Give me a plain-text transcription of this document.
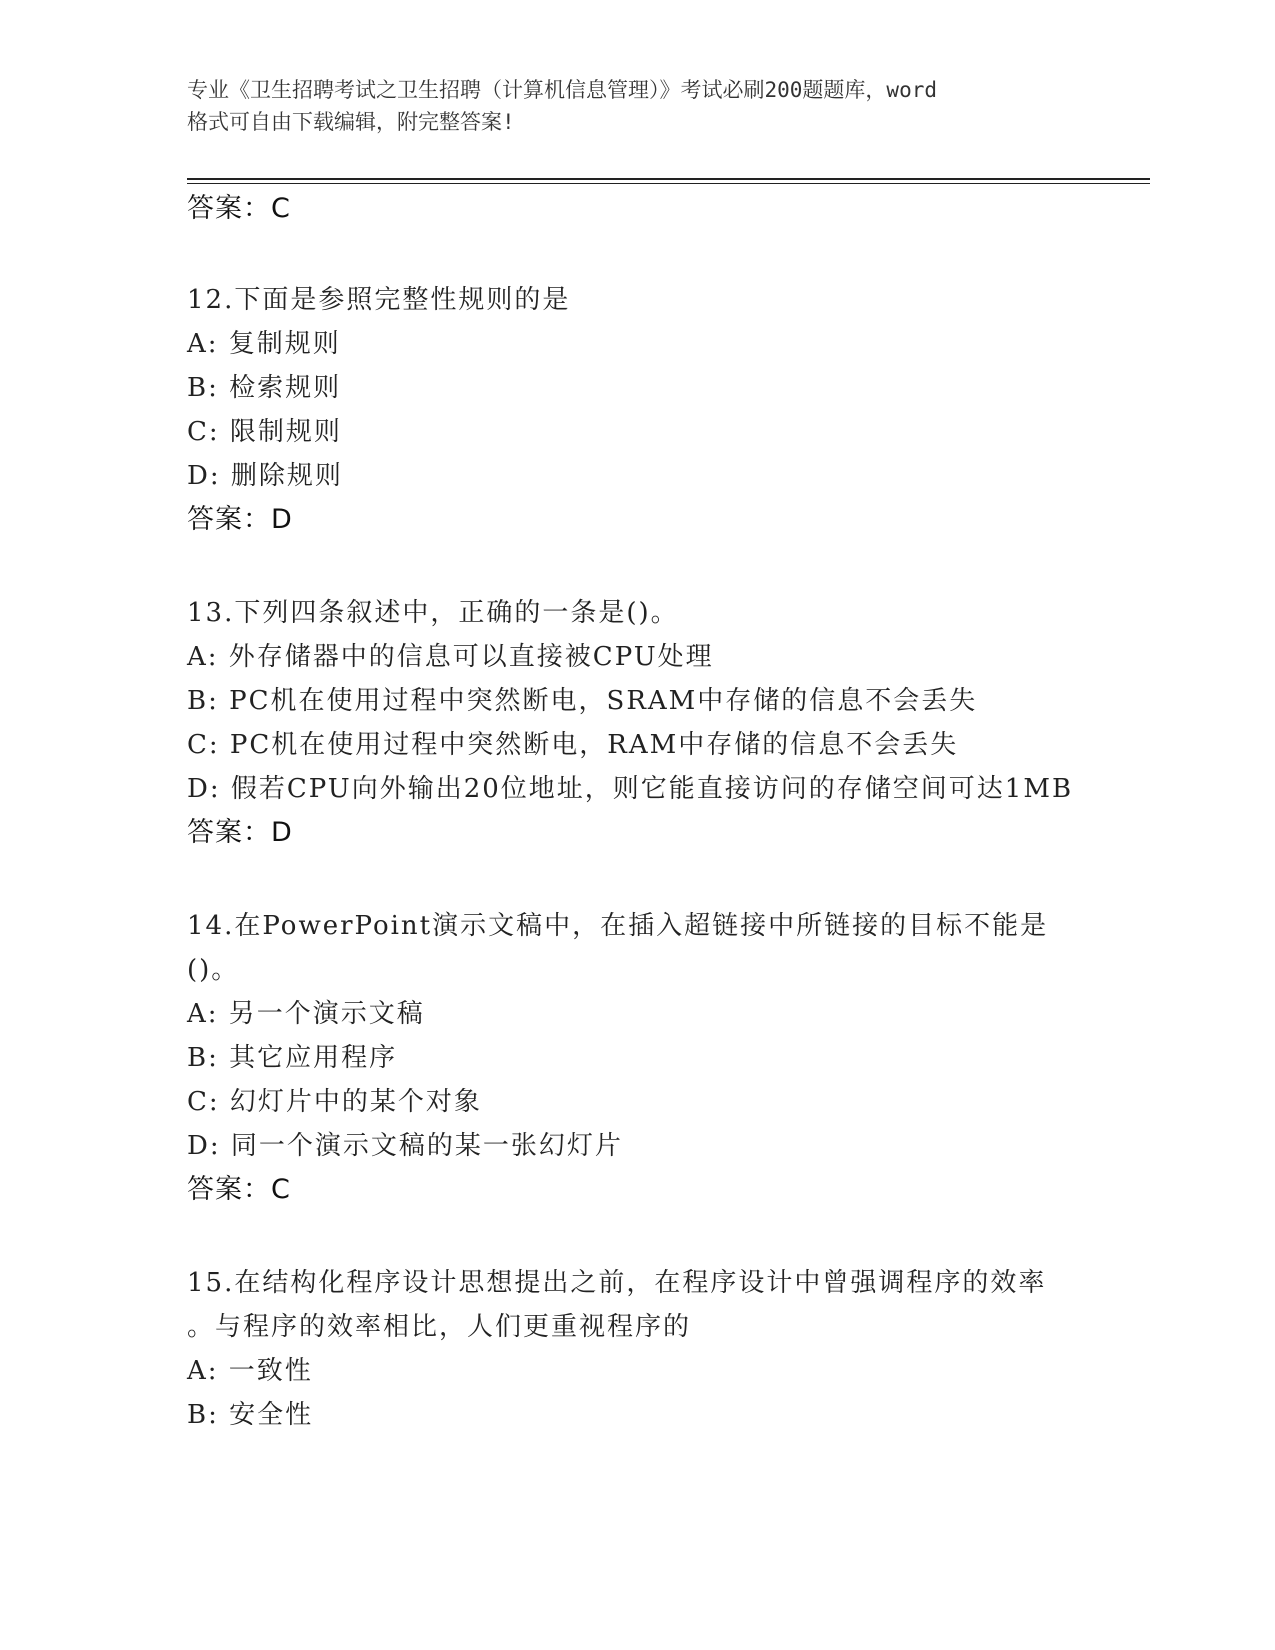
专业《卫生招聘考试之卫生招聘（计算机信息管理）》考试必刷200题题库，word
格式可自由下载编辑，附完整答案!
答案：C
12.下面是参照完整性规则的是
A: 复制规则
B: 检索规则
C: 限制规则
D: 删除规则
答案：D
13.下列四条叙述中，正确的一条是()。
A: 外存储器中的信息可以直接被CPU处理
B: PC机在使用过程中突然断电，SRAM中存储的信息不会丢失
C: PC机在使用过程中突然断电，RAM中存储的信息不会丢失
D: 假若CPU向外输出20位地址，则它能直接访问的存储空间可达1MB
答案：D
14.在PowerPoint演示文稿中，在插入超链接中所链接的目标不能是
()。
A: 另一个演示文稿
B: 其它应用程序
C: 幻灯片中的某个对象
D: 同一个演示文稿的某一张幻灯片
答案：C
15.在结构化程序设计思想提出之前，在程序设计中曾强调程序的效率
。与程序的效率相比，人们更重视程序的
A: 一致性
B: 安全性
